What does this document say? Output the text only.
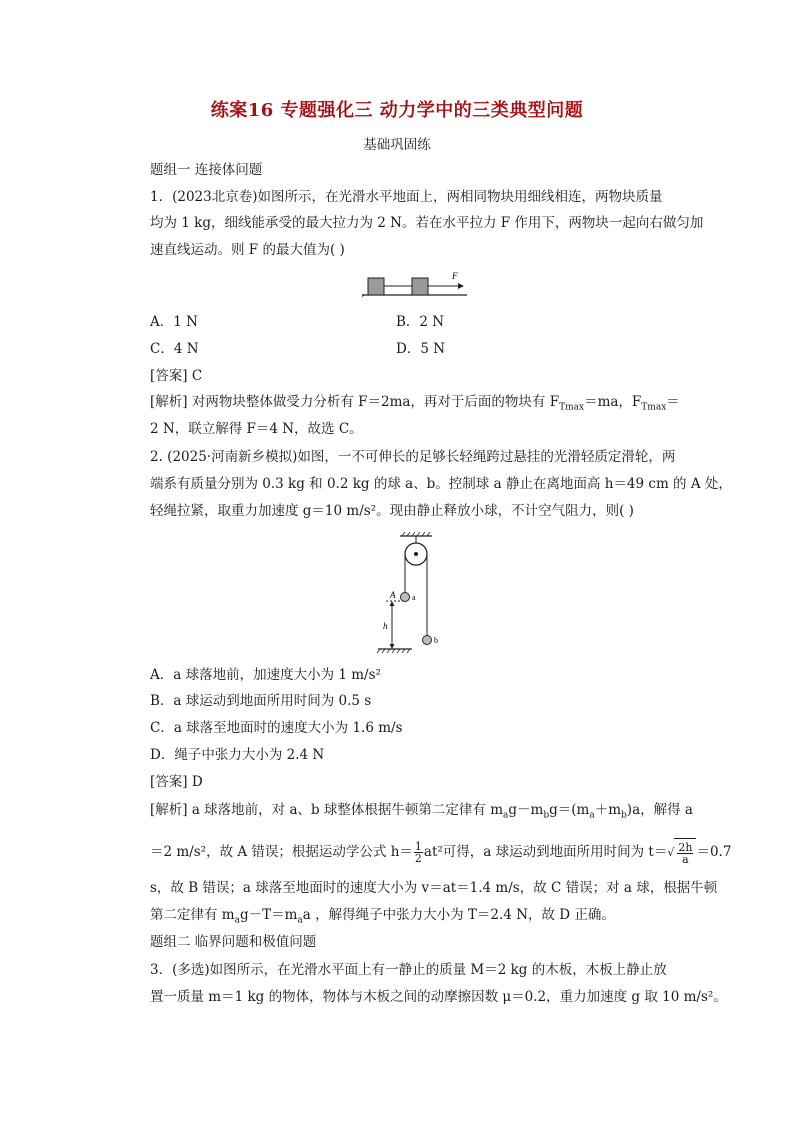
练案16 专题强化三 动力学中的三类典型问题
基础巩固练
题组一 连接体问题
1．(2023北京卷)如图所示，在光滑水平地面上，两相同物块用细线相连，两物块质量
均为 1 kg，细线能承受的最大拉力为 2 N。若在水平拉力 F 作用下，两物块一起向右做匀加
速直线运动。则 F 的最大值为( )
F
A．1 N	B．2 N
C．4 N	D．5 N
[答案] C
[解析] 对两物块整体做受力分析有 F＝2ma，再对于后面的物块有 $F_{Tmax}=ma$，$F_{Tmax}=$
2 N，联立解得 F＝4 N，故选 C。
2. (2025·河南新乡模拟)如图，一不可伸长的足够长轻绳跨过悬挂的光滑轻质定滑轮，两
端系有质量分别为 0.3 kg 和 0.2 kg 的球 a、b。控制球 a 静止在离地面高 h＝49 cm 的 A 处，
轻绳拉紧，取重力加速度 g＝10 m/s²。现由静止释放小球，不计空气阻力，则( )
a
A
h
b
A．a 球落地前，加速度大小为 1 m/s²
B．a 球运动到地面所用时间为 0.5 s
C．a 球落至地面时的速度大小为 1.6 m/s
D．绳子中张力大小为 2.4 N
[答案] D
[解析] a 球落地前，对 a、b 球整体根据牛顿第二定律有 $m_ag-m_bg=(m_a+m_b)a$，解得 a
＝2 m/s²，故 A 错误；根据运动学公式 $h= \frac{1}{2} at^2$可得，a 球运动到地面所用时间为 $t=√ \frac{2h}{a} =0.7$
s，故 B 错误；a 球落至地面时的速度大小为 v＝at＝1.4 m/s，故 C 错误；对 a 球，根据牛顿
第二定律有 $m_ag-T=m_aa$ ，解得绳子中张力大小为 T＝2.4 N，故 D 正确。
题组二 临界问题和极值问题
3．(多选)如图所示，在光滑水平面上有一静止的质量 M＝2 kg 的木板，木板上静止放
置一质量 m＝1 kg 的物体，物体与木板之间的动摩擦因数 μ＝0.2，重力加速度 g 取 10 m/s²。
